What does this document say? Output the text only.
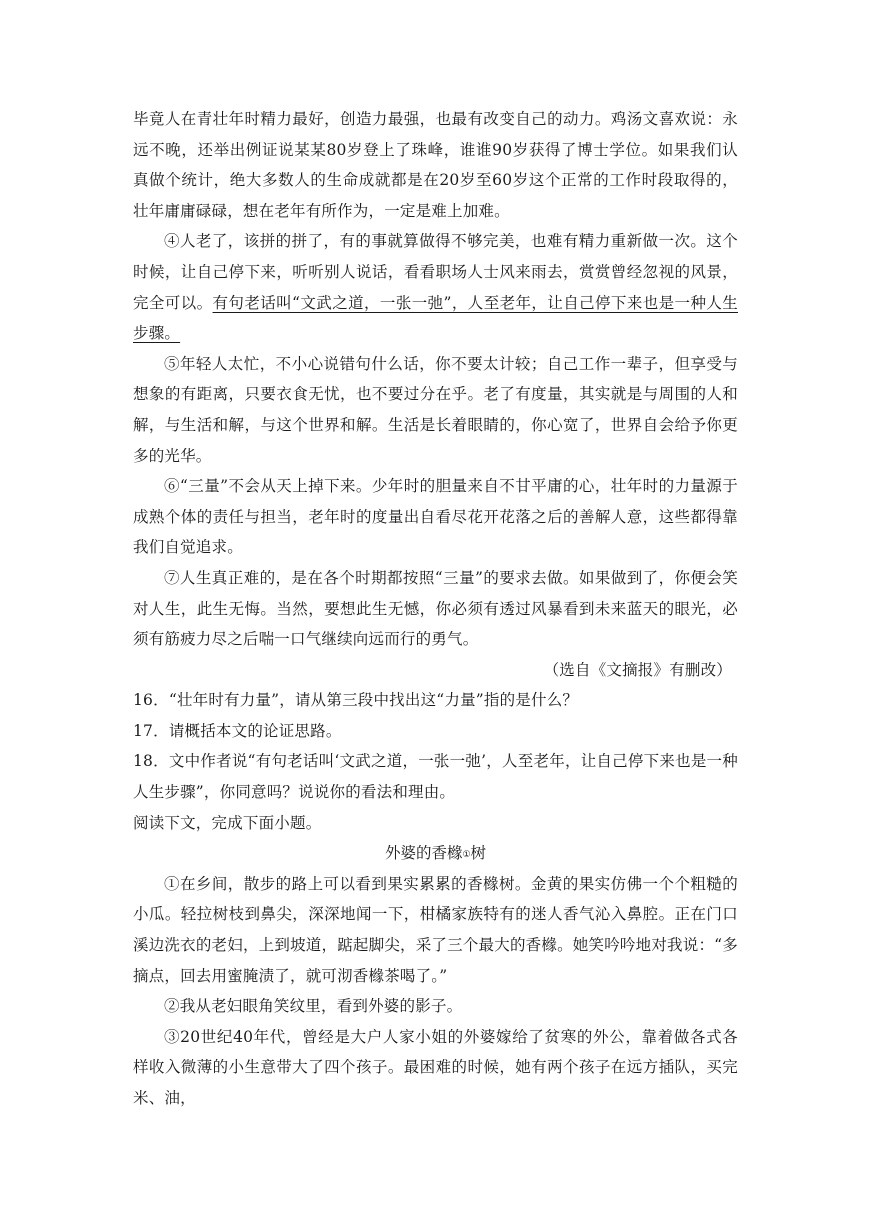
毕竟人在青壮年时精力最好，创造力最强，也最有改变自己的动力。鸡汤文喜欢说：永远不晚，还举出例证说某某80岁登上了珠峰，谁谁90岁获得了博士学位。如果我们认真做个统计，绝大多数人的生命成就都是在20岁至60岁这个正常的工作时段取得的，壮年庸庸碌碌，想在老年有所作为，一定是难上加难。

④人老了，该拼的拼了，有的事就算做得不够完美，也难有精力重新做一次。这个时候，让自己停下来，听听别人说话，看看职场人士风来雨去，赏赏曾经忽视的风景，完全可以。有句老话叫“文武之道，一张一弛”，人至老年，让自己停下来也是一种人生步骤。

⑤年轻人太忙，不小心说错句什么话，你不要太计较；自己工作一辈子，但享受与想象的有距离，只要衣食无忧，也不要过分在乎。老了有度量，其实就是与周围的人和解，与生活和解，与这个世界和解。生活是长着眼睛的，你心宽了，世界自会给予你更多的光华。

⑥“三量”不会从天上掉下来。少年时的胆量来自不甘平庸的心，壮年时的力量源于成熟个体的责任与担当，老年时的度量出自看尽花开花落之后的善解人意，这些都得靠我们自觉追求。

⑦人生真正难的，是在各个时期都按照“三量”的要求去做。如果做到了，你便会笑对人生，此生无悔。当然，要想此生无憾，你必须有透过风暴看到未来蓝天的眼光，必须有筋疲力尽之后喘一口气继续向远而行的勇气。

（选自《文摘报》有删改）

16．“壮年时有力量”，请从第三段中找出这“力量”指的是什么？

17．请概括本文的论证思路。

18．文中作者说“有句老话叫‘文武之道，一张一弛’，人至老年，让自己停下来也是一种人生步骤”，你同意吗？说说你的看法和理由。

阅读下文，完成下面小题。

外婆的香橼①树

①在乡间，散步的路上可以看到果实累累的香橼树。金黄的果实仿佛一个个粗糙的小瓜。轻拉树枝到鼻尖，深深地闻一下，柑橘家族特有的迷人香气沁入鼻腔。正在门口溪边洗衣的老妇，上到坡道，踮起脚尖，采了三个最大的香橼。她笑吟吟地对我说：“多摘点，回去用蜜腌渍了，就可沏香橼茶喝了。”

②我从老妇眼角笑纹里，看到外婆的影子。

③20世纪40年代，曾经是大户人家小姐的外婆嫁给了贫寒的外公，靠着做各式各样收入微薄的小生意带大了四个孩子。最困难的时候，她有两个孩子在远方插队，买完米、油，
